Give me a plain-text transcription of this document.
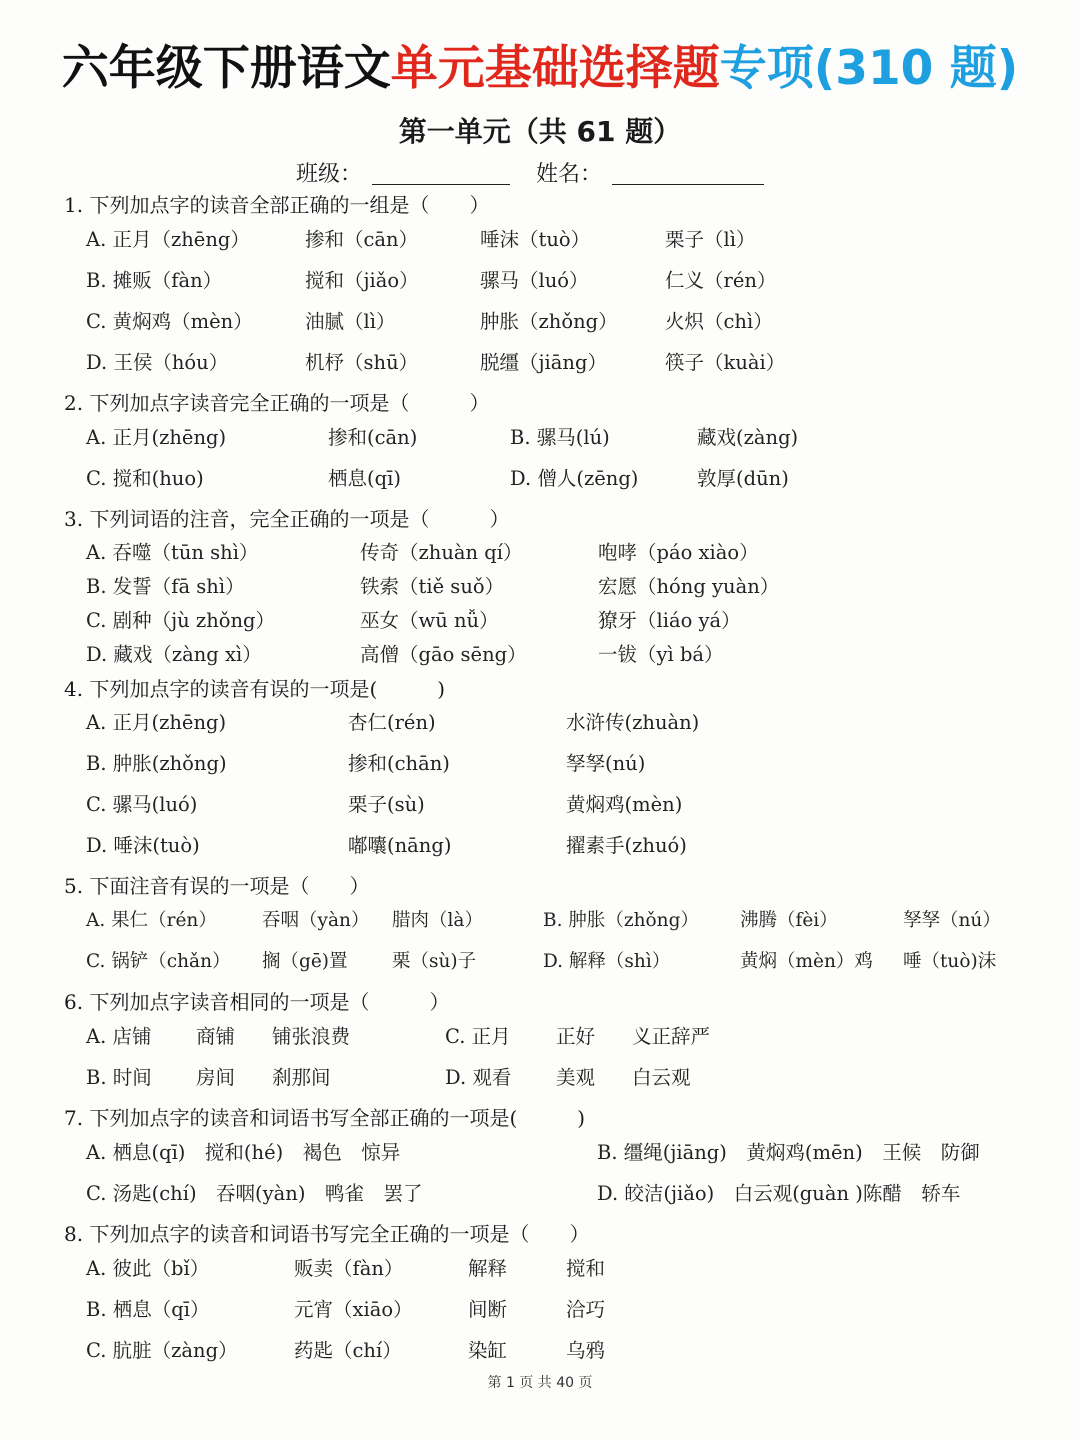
六年级下册语文单元基础选择题专项(310 题)
第一单元（共 61 题）
班级：	姓名：
1. 下列加点字的读音全部正确的一组是（　　）
A. 正月（zhēng）	掺和（cān）	唾沫（tuò）	栗子（lì）
B. 摊贩（fàn）	搅和（jiǎo）	骡马（luó）	仁义（rén）
C. 黄焖鸡（mèn）	油腻（lì）	肿胀（zhǒng） 火炽（chì）
D. 王侯（hóu）	机杼（shū）	脱缰（jiāng）	筷子（kuài）
2. 下列加点字读音完全正确的一项是（　　　）
A. 正月(zhēng)	掺和(cān)	B. 骡马(lú)	藏戏(zàng)
C. 搅和(huo)	栖息(qī)	D. 僧人(zēng)	敦厚(dūn)
3. 下列词语的注音，完全正确的一项是（　　　）
A. 吞噬（tūn shì）	传奇（zhuàn qí）	咆哮（páo xiào）
B. 发誓（fā shì）	铁索（tiě suǒ）	宏愿（hóng yuàn）
C. 剧种（jù zhǒng）	巫女（wū nǚ）	獠牙（liáo yá）
D. 藏戏（zàng xì）	高僧（gāo sēng）	一钹（yì bá）
4. 下列加点字的读音有误的一项是(　　　)
A. 正月(zhēng)	杏仁(rén)	水浒传(zhuàn)
B. 肿胀(zhǒng)	掺和(chān)	孥孥(nú)
C. 骡马(luó)	栗子(sù)	黄焖鸡(mèn)
D. 唾沫(tuò)	嘟囔(nāng)	擢素手(zhuó)
5. 下面注音有误的一项是（　　）
A. 果仁（rén） 吞咽（yàn） 腊肉（là）	B. 肿胀（zhǒng） 沸腾（fèi）	孥孥（nú）
C. 锅铲（chǎn） 搁（gē)置 栗（sù)子	D. 解释（shì）	黄焖（mèn）鸡 唾（tuò)沫
6. 下列加点字读音相同的一项是（　　　）
A. 店铺 商铺 铺张浪费	C. 正月 正好 义正辞严
B. 时间 房间 刹那间	D. 观看 美观 白云观
7. 下列加点字的读音和词语书写全部正确的一项是(　　　)
A. 栖息(qī)　搅和(hé)　褐色　惊异	B. 缰绳(jiāng)　黄焖鸡(mēn)　王候　防御
C. 汤匙(chí)　吞咽(yàn)　鸭雀　罢了	D. 皎洁(jiǎo)　白云观(guàn )陈醋　轿车
8. 下列加点字的读音和词语书写完全正确的一项是（　　）
A. 彼此（bǐ）	贩卖（fàn）	解释	搅和
B. 栖息（qī）	元宵（xiāo）	间断	洽巧
C. 肮脏（zàng）	药匙（chí）	染缸	乌鸦
第 1 页 共 40 页
